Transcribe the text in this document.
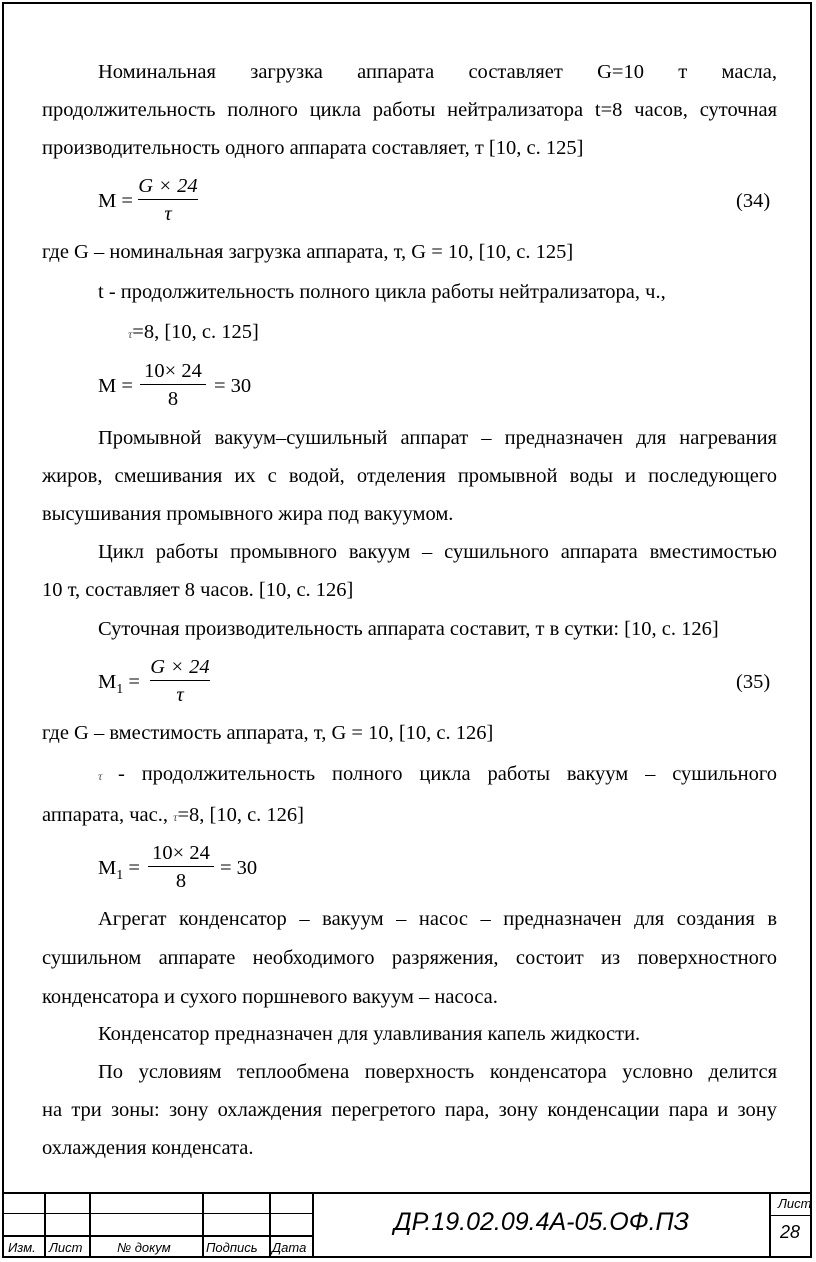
Номинальная загрузка аппарата составляет G=10 т масла,
продолжительность полного цикла работы нейтрализатора t=8 часов, суточная
производительность одного аппарата составляет, т [10, с. 125]
M =
G × 24
τ
(34)
где G – номинальная загрузка аппарата, т, G = 10, [10, с. 125]
t - продолжительность полного цикла работы нейтрализатора, ч.,
τ=8, [10, с. 125]
M =
10× 24
8
= 30
Промывной вакуум–сушильный аппарат – предназначен для нагревания
жиров, смешивания их с водой, отделения промывной воды и последующего
высушивания промывного жира под вакуумом.
Цикл работы промывного вакуум – сушильного аппарата вместимостью
10 т, составляет 8 часов. [10, с. 126]
Суточная производительность аппарата составит, т в сутки: [10, с. 126]
$M_1$ =
G × 24
τ
(35)
где G – вместимость аппарата, т, G = 10, [10, с. 126]
τ - продолжительность полного цикла работы вакуум – сушильного
аппарата, час., τ=8, [10, с. 126]
$M_1$ =
10× 24
8
= 30
Агрегат конденсатор – вакуум – насос – предназначен для создания в
сушильном аппарате необходимого разряжения, состоит из поверхностного
конденсатора и сухого поршневого вакуум – насоса.
Конденсатор предназначен для улавливания капель жидкости.
По условиям теплообмена поверхность конденсатора условно делится
на три зоны: зону охлаждения перегретого пара, зону конденсации пара и зону
охлаждения конденсата.
Изм. Лист	№ докум	Подпись Дата
ДР.19.02.09.4А-05.ОФ.ПЗ
Лист
28
